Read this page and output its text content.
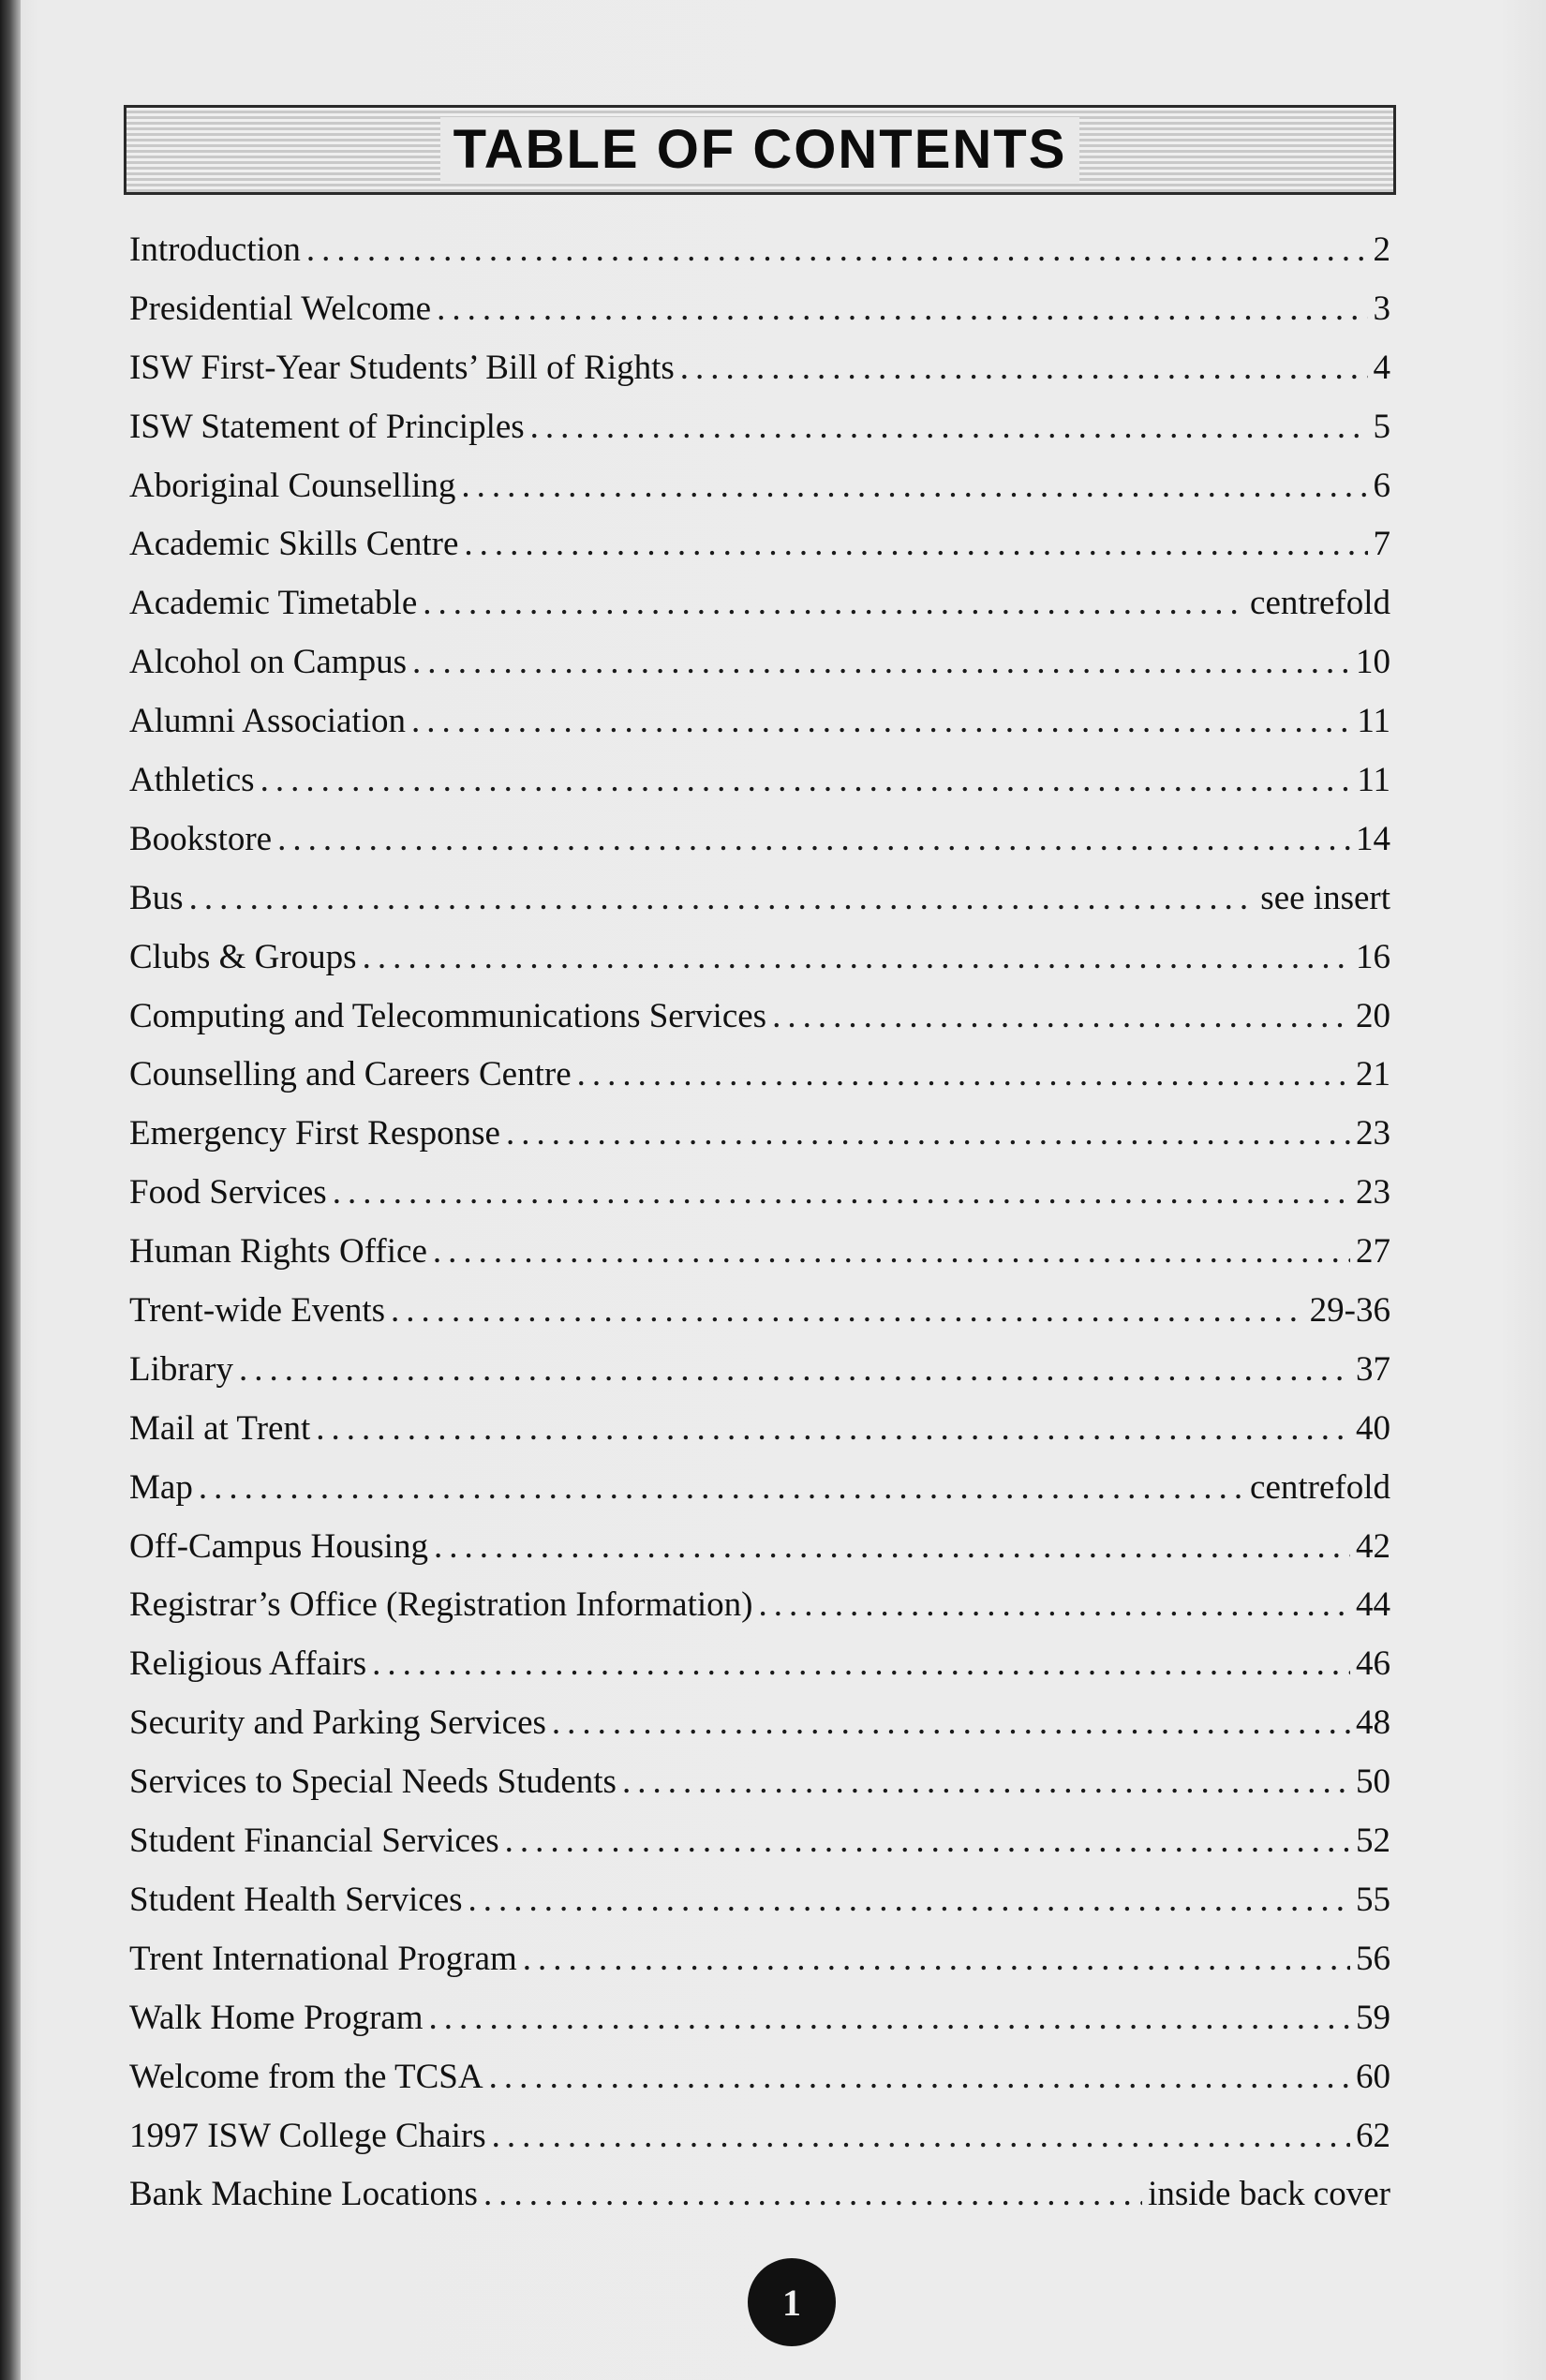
TABLE OF CONTENTS
Introduction .....	2
Presidential Welcome .....	3
ISW First-Year Students’ Bill of Rights .....	4
ISW Statement of Principles .....	5
Aboriginal Counselling .....	6
Academic Skills Centre .....	7
Academic Timetable .....	centrefold
Alcohol on Campus .....	10
Alumni Association .....	11
Athletics .....	11
Bookstore .....	14
Bus .....	see insert
Clubs & Groups .....	16
Computing and Telecommunications Services .....	20
Counselling and Careers Centre .....	21
Emergency First Response .....	23
Food Services .....	23
Human Rights Office .....	27
Trent-wide Events .....	29-36
Library .....	37
Mail at Trent .....	40
Map .....	centrefold
Off-Campus Housing .....	42
Registrar’s Office (Registration Information) .....	44
Religious Affairs .....	46
Security and Parking Services .....	48
Services to Special Needs Students .....	50
Student Financial Services .....	52
Student Health Services .....	55
Trent International Program .....	56
Walk Home Program .....	59
Welcome from the TCSA .....	60
1997 ISW College Chairs .....	62
Bank Machine Locations .....	inside back cover
1
